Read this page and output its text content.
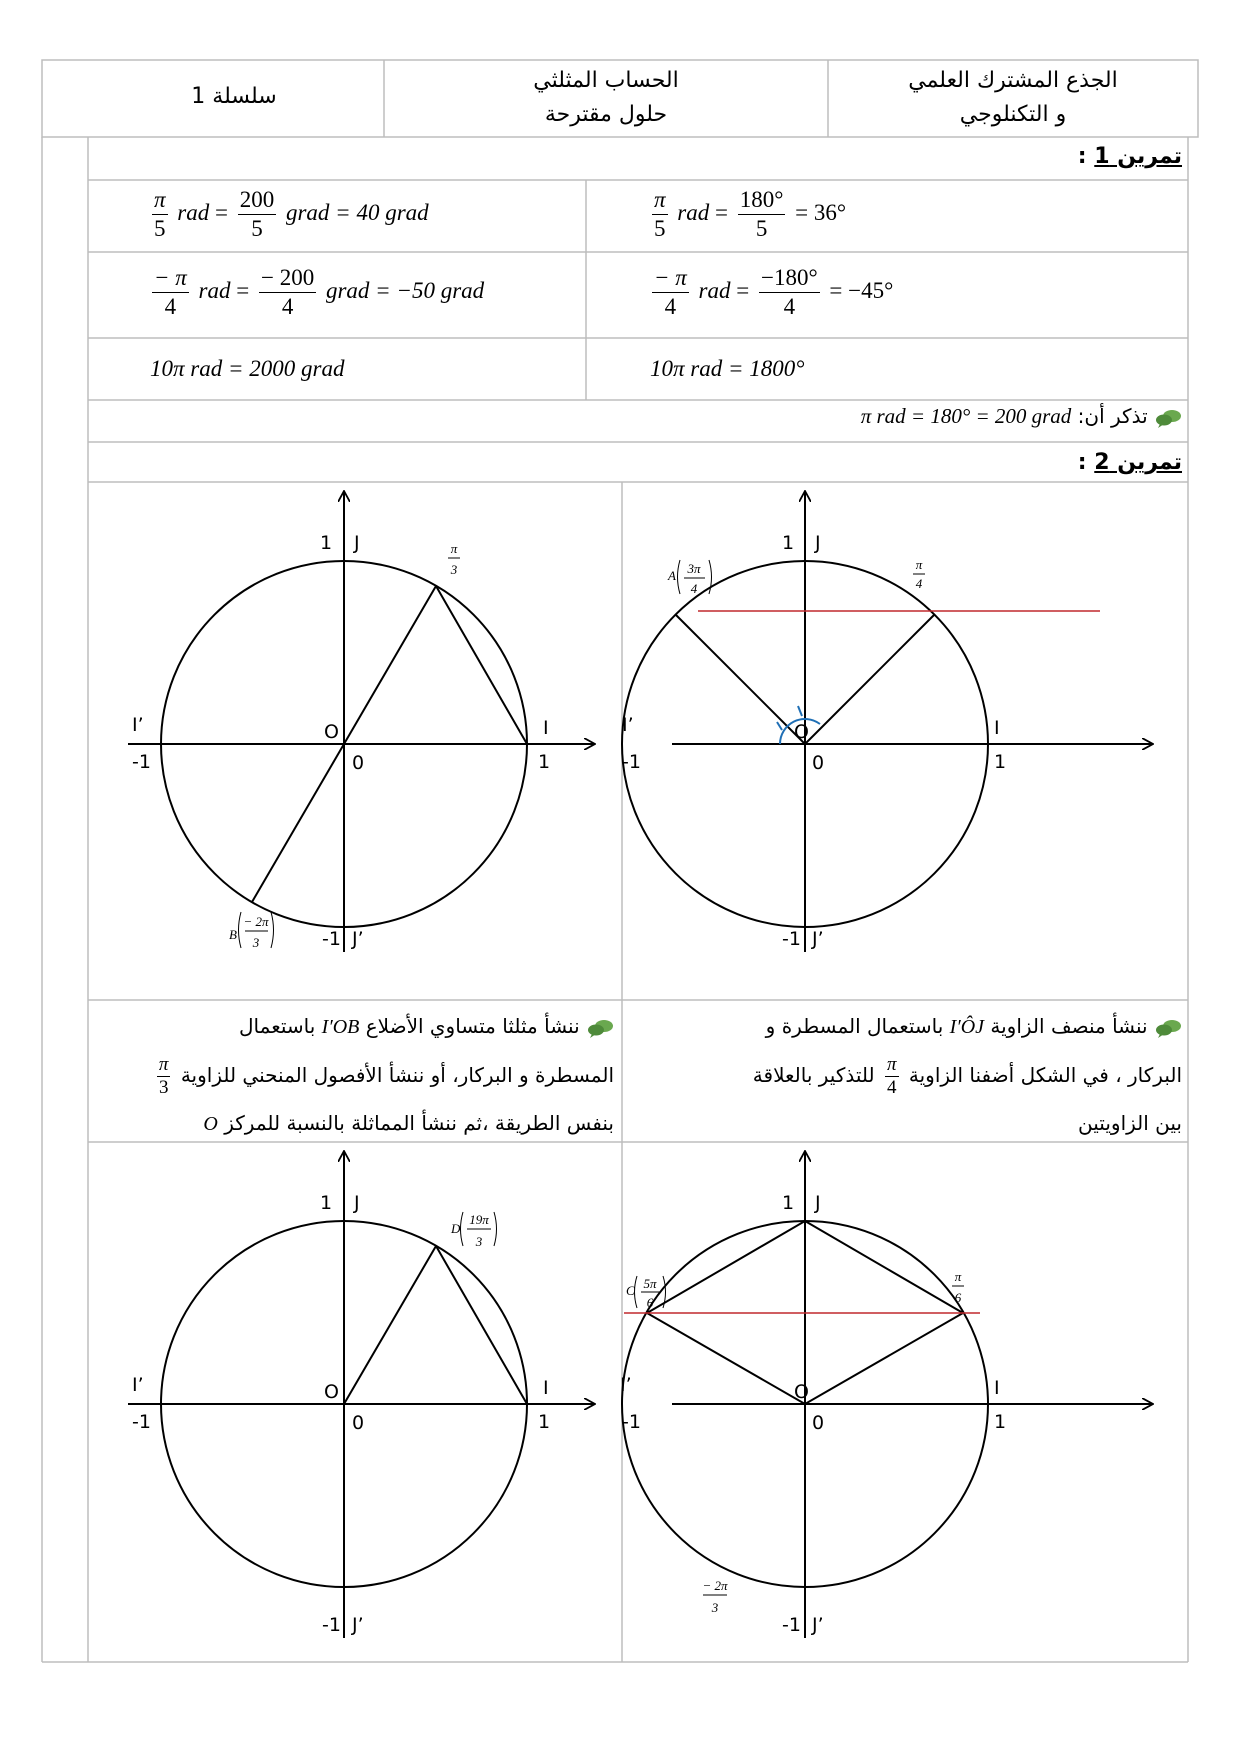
سلسلة 1
الحساب المثلثي
حلول مقترحة
الجذع المشترك العلمي
و التكنلوجي
تمرين 1 :
$\frac{\pi}{5}$ rad = $\frac{200}{5}$ grad = 40 grad	$\frac{\pi}{5}$ rad = $\frac{180^\circ}{5} = 36^\circ$
$\frac{- \pi}{4}$ rad = $\frac{- 200}{4}$ grad = −50 grad	$\frac{- \pi}{4}$ rad = $\frac{-180^\circ}{4} = -45^\circ$
10π rad = 2000 grad	10π rad = 1800°
تذكر أن: π rad = 180° = 200 grad
تمرين 2 :
1 J
I’
-1
O
0
I
1
-1 J’
π
4
A 3π
4
1 J
I’
-1
O
0
I
1
-1 J’
π
3
B
− 2π
3
ننشأ منصف الزاوية I′ÔJ باستعمال المسطرة و
البركار ، في الشكل أضفنا الزاوية
$\frac{\pi}{4}$
للتذكير بالعلاقة
بين الزاويتين
ننشأ مثلثا متساوي الأضلاع I′OB باستعمال
المسطرة و البركار، أو ننشأ الأفصول المنحني للزاوية
$\frac{\pi}{3}$
بنفس الطريقة ،ثم ننشأ المماثلة بالنسبة للمركز O
1 J
I’
-1
O
0
I
1
-1 J’
π
6
C 5π
6
− 2π
3
1 J
I’
-1
O
0
I
1
-1 J’
D
19π
3
